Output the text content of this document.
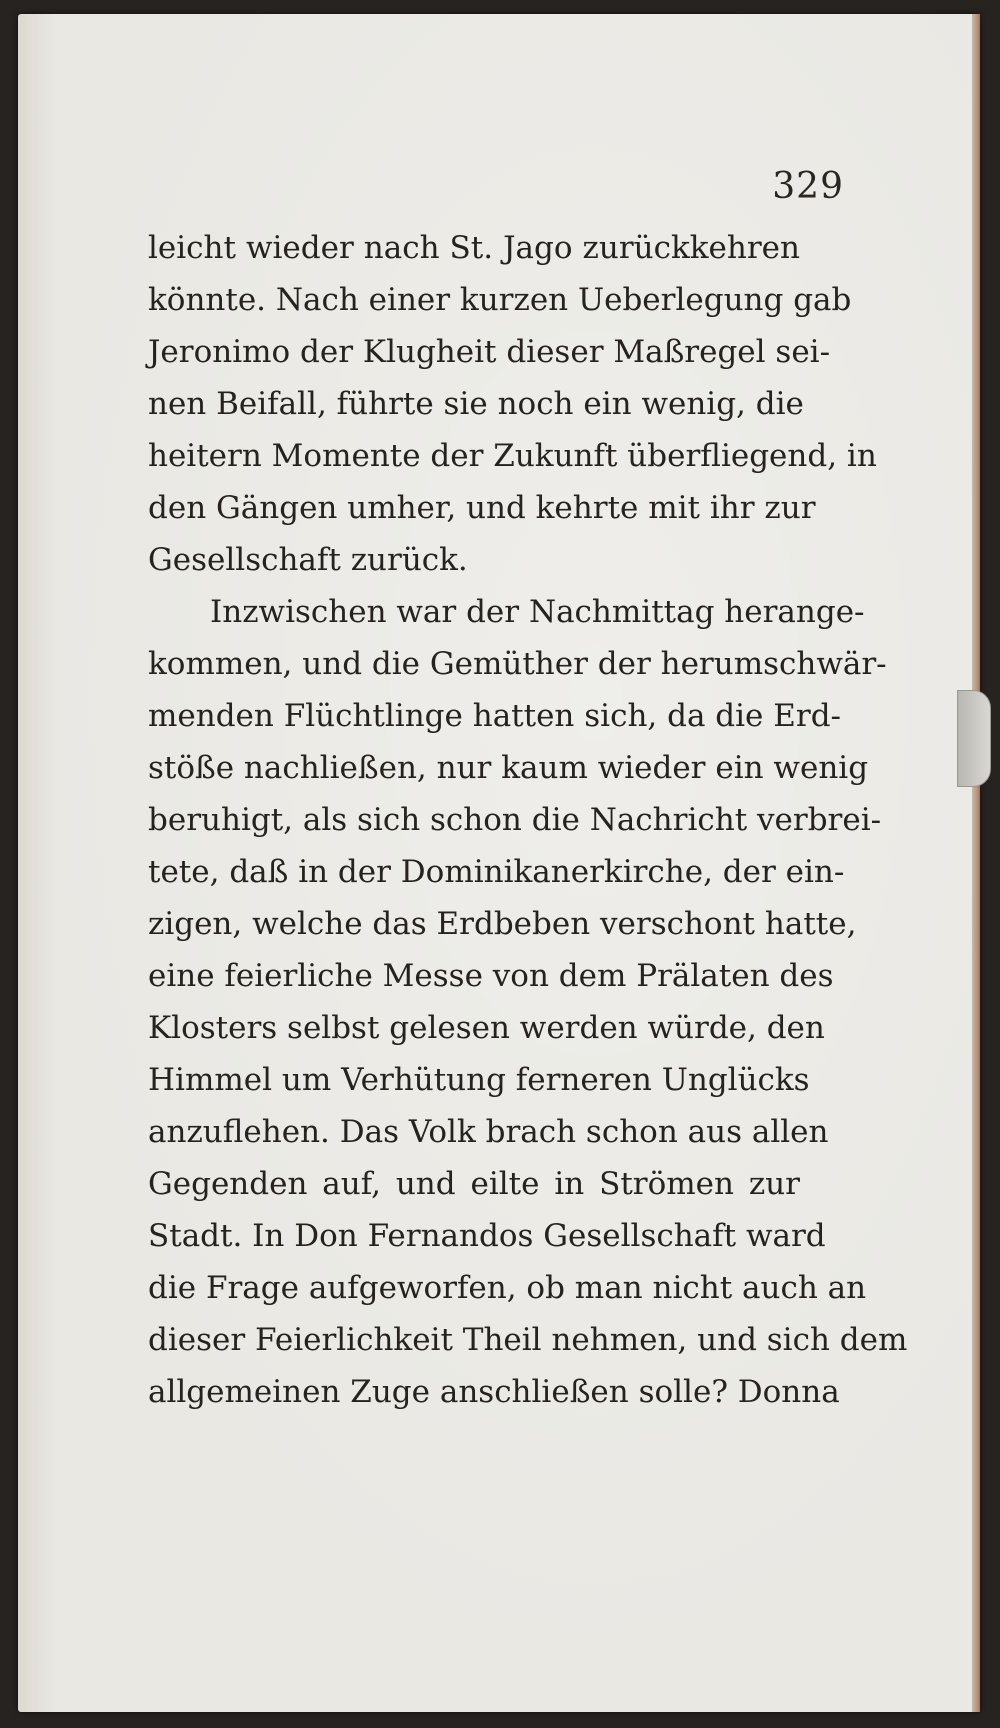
329
leicht wieder nach St. Jago zurückkehren
könnte. Nach einer kurzen Ueberlegung gab
Jeronimo der Klugheit dieser Maßregel sei-
nen Beifall, führte sie noch ein wenig, die
heitern Momente der Zukunft überfliegend, in
den Gängen umher, und kehrte mit ihr zur
Gesellschaft zurück.
Inzwischen war der Nachmittag herange-
kommen, und die Gemüther der herumschwär-
menden Flüchtlinge hatten sich, da die Erd-
stöße nachließen, nur kaum wieder ein wenig
beruhigt, als sich schon die Nachricht verbrei-
tete, daß in der Dominikanerkirche, der ein-
zigen, welche das Erdbeben verschont hatte,
eine feierliche Messe von dem Prälaten des
Klosters selbst gelesen werden würde, den
Himmel um Verhütung ferneren Unglücks
anzuflehen. Das Volk brach schon aus allen
Gegenden auf, und eilte in Strömen zur
Stadt. In Don Fernandos Gesellschaft ward
die Frage aufgeworfen, ob man nicht auch an
dieser Feierlichkeit Theil nehmen, und sich dem
allgemeinen Zuge anschließen solle? Donna
